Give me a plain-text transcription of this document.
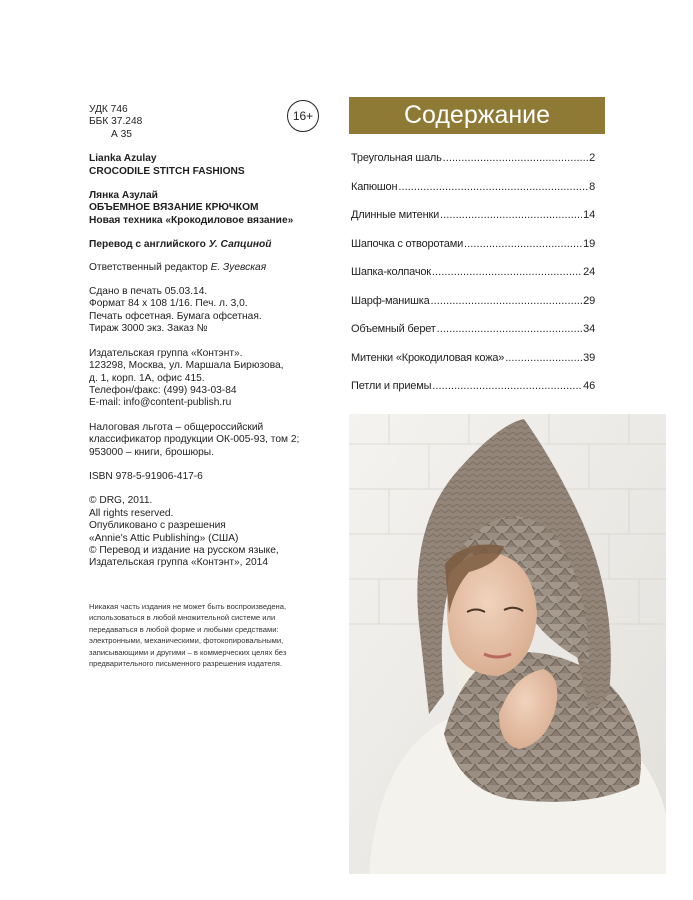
УДК 746

ББК 37.248

А 35

16+

Lianka Azulay

CROCODILE STITCH FASHIONS

Лянка Азулай

ОБЪЕМНОЕ ВЯЗАНИЕ КРЮЧКОМ

Новая техника «Крокодиловое вязание»

Перевод с английского У. Сапциной

Ответственный редактор Е. Зуевская

Сдано в печать 05.03.14.

Формат 84 х 108 1/16. Печ. л. 3,0.

Печать офсетная. Бумага офсетная.

Тираж 3000 экз. Заказ №

Издательская группа «Контэнт».

123298, Москва, ул. Маршала Бирюзова,

д. 1, корп. 1А, офис 415.

Телефон/факс: (499) 943-03-84

E-mail: info@content-publish.ru

Налоговая льгота – общероссийский

классификатор продукции ОК-005-93, том 2;

953000 – книги, брошюры.

ISBN 978-5-91906-417-6

© DRG, 2011.

All rights reserved.

Опубликовано с разрешения

«Annie's Attic Publishing» (США)

© Перевод и издание на русском языке,

Издательская группа «Контэнт», 2014

Никакая часть издания не может быть воспроизведена,
использоваться в любой множительной системе или
передаваться в любой форме и любыми средствами:
электронными, механическими, фотокопировальными,
записывающими и другими – в коммерческих целях без
предварительного письменного разрешения издателя.
Содержание
Треугольная шаль . . .	2
Капюшон . . .	8
Длинные митенки . . .	14
Шапочка с отворотами . . .	19
Шапка-колпачок . . .	24
Шарф-манишка . . .	29
Объемный берет . . .	34
Митенки «Крокодиловая кожа» . . .	39
Петли и приемы . . .	46
